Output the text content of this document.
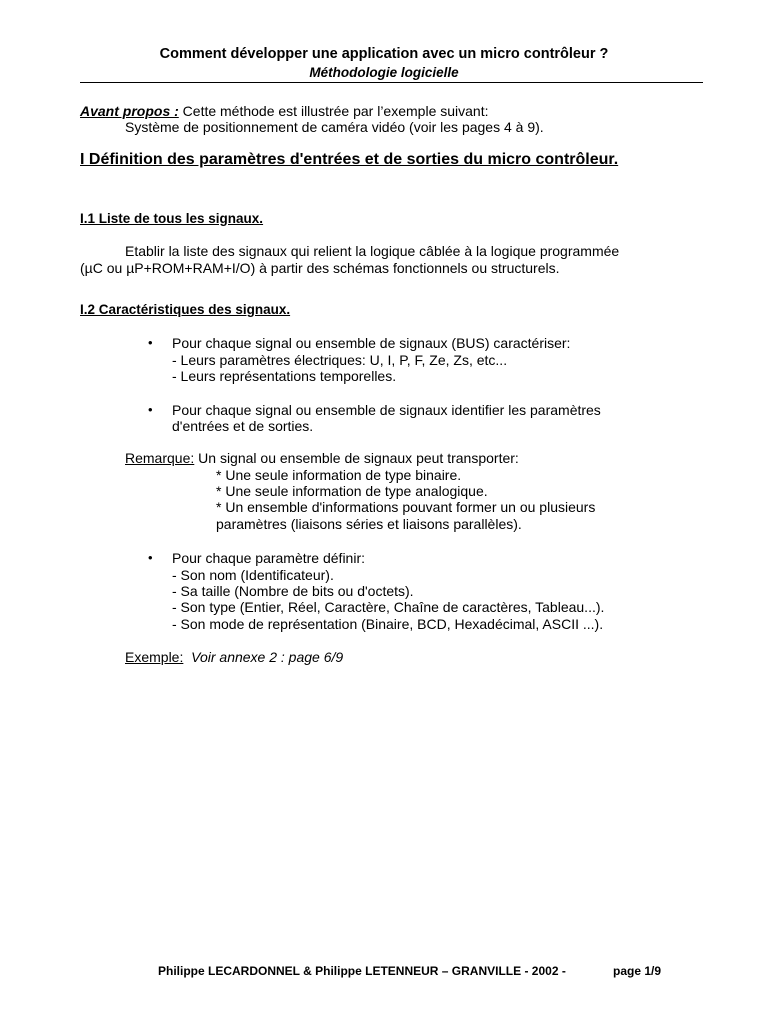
Comment développer une application avec un micro contrôleur ?
Méthodologie logicielle
Avant propos : Cette méthode est illustrée par l’exemple suivant:
Système de positionnement de caméra vidéo (voir les pages 4 à 9).
I Définition des paramètres d'entrées et de sorties du micro contrôleur.
I.1 Liste de tous les signaux.
Etablir la liste des signaux qui relient la logique câblée à la logique programmée
(µC ou µP+ROM+RAM+I/O) à partir des schémas fonctionnels ou structurels.
I.2 Caractéristiques des signaux.
• Pour chaque signal ou ensemble de signaux (BUS) caractériser:
- Leurs paramètres électriques: U, I, P, F, Ze, Zs, etc...
- Leurs représentations temporelles.
• Pour chaque signal ou ensemble de signaux identifier les paramètres
d'entrées et de sorties.
Remarque: Un signal ou ensemble de signaux peut transporter:
* Une seule information de type binaire.
* Une seule information de type analogique.
* Un ensemble d'informations pouvant former un ou plusieurs
paramètres (liaisons séries et liaisons parallèles).
• Pour chaque paramètre définir:
- Son nom (Identificateur).
- Sa taille (Nombre de bits ou d'octets).
- Son type (Entier, Réel, Caractère, Chaîne de caractères, Tableau...).
- Son mode de représentation (Binaire, BCD, Hexadécimal, ASCII ...).
Exemple: Voir annexe 2 : page 6/9
Philippe LECARDONNEL & Philippe LETENNEUR – GRANVILLE - 2002 -	page 1/9
